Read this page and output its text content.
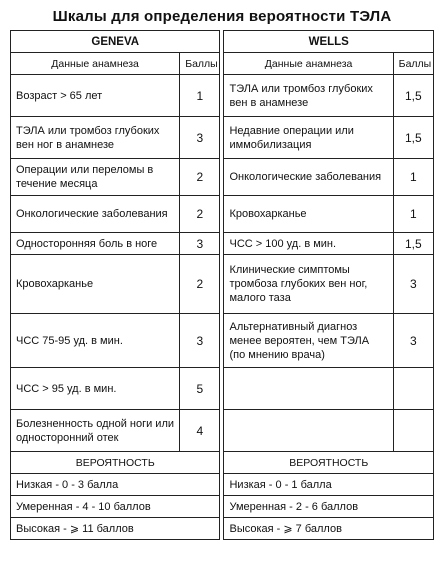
Шкалы для определения вероятности ТЭЛА
GENEVA			WELLS	
Данные анамнеза	Баллы		Данные анамнеза	Баллы
Возраст > 65 лет	1		ТЭЛА или тромбоз глубоких вен в анамнезе	1,5
ТЭЛА или тромбоз глубоких вен ног в анамнезе	3		Недавние операции или иммобилизация	1,5
Операции или переломы в течение месяца	2		Онкологические заболевания	1
Онкологические заболевания	2		Кровохарканье	1
Односторонняя боль в ноге	3		ЧСС > 100 уд. в мин.	1,5
Кровохарканье	2		Клинические симптомы тромбоза глубоких вен ног, малого таза	3
ЧСС 75-95 уд. в мин.	3		Альтернативный диагноз менее вероятен, чем ТЭЛА (по мнению врача)	3
ЧСС > 95 уд. в мин.	5			
Болезненность одной ноги или односторонний отек	4			
ВЕРОЯТНОСТЬ			ВЕРОЯТНОСТЬ	
Низкая - 0 - 3 балла			Низкая - 0 - 1 балла	
Умеренная - 4 - 10 баллов			Умеренная - 2 - 6 баллов	
Высокая - ⩾ 11 баллов			Высокая - ⩾ 7 баллов	
